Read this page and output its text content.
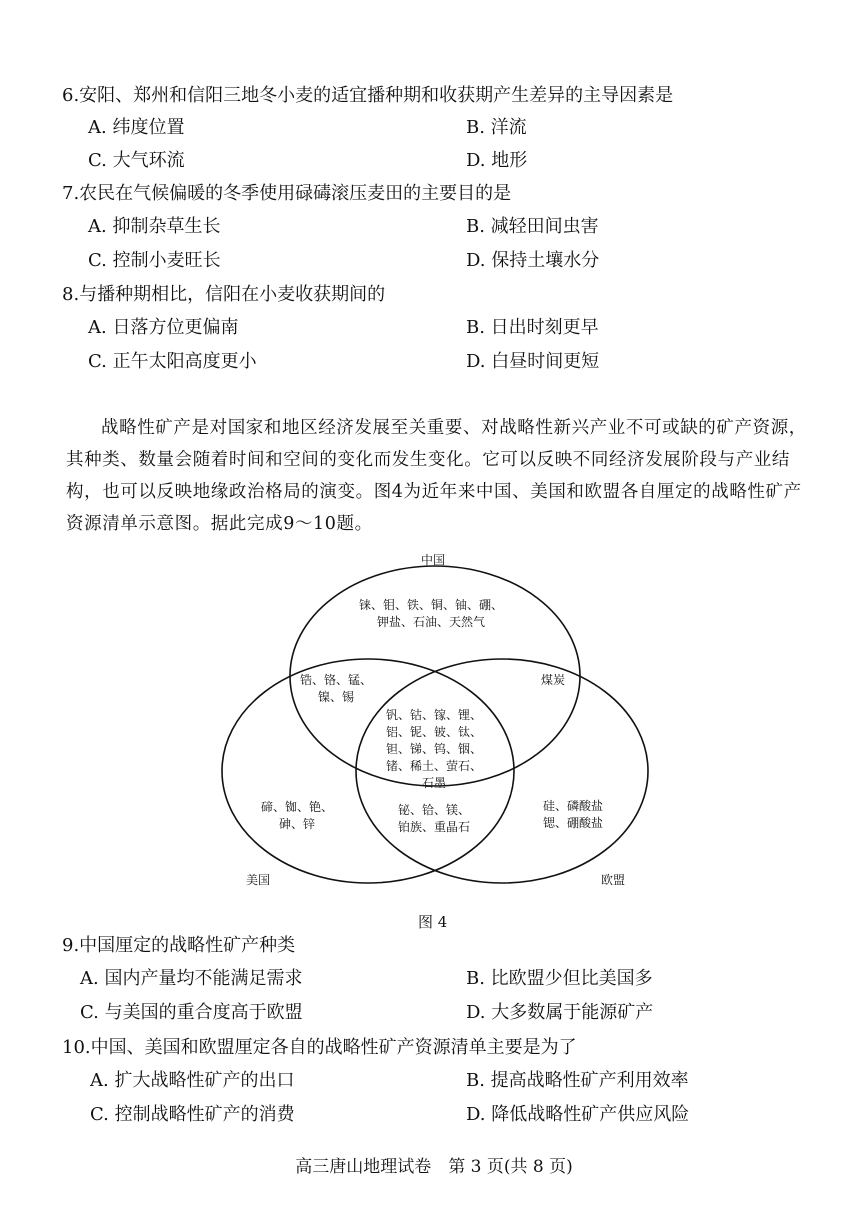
6.安阳、郑州和信阳三地冬小麦的适宜播种期和收获期产生差异的主导因素是
A. 纬度位置	B. 洋流
C. 大气环流	D. 地形
7.农民在气候偏暖的冬季使用碌碡滚压麦田的主要目的是
A. 抑制杂草生长	B. 减轻田间虫害
C. 控制小麦旺长	D. 保持土壤水分
8.与播种期相比，信阳在小麦收获期间的
A. 日落方位更偏南	B. 日出时刻更早
C. 正午太阳高度更小	D. 白昼时间更短

战略性矿产是对国家和地区经济发展至关重要、对战略性新兴产业不可或缺的矿产资源，其种类、数量会随着时间和空间的变化而发生变化。它可以反映不同经济发展阶段与产业结构，也可以反映地缘政治格局的演变。图4为近年来中国、美国和欧盟各自厘定的战略性矿产资源清单示意图。据此完成9～10题。

中国
美国	欧盟
铼、钼、铁、铜、铀、硼、
钾盐、石油、天然气
锆、铬、锰、
镍、锡
煤炭
钒、钴、镓、锂、
铝、铌、铍、钛、
钽、锑、钨、铟、
锗、稀土、萤石、
石墨
碲、铷、铯、
砷、锌
铋、铪、镁、
铂族、重晶石
硅、磷酸盐
锶、硼酸盐
图 4
9.中国厘定的战略性矿产种类
A. 国内产量均不能满足需求	B. 比欧盟少但比美国多
C. 与美国的重合度高于欧盟	D. 大多数属于能源矿产
10.中国、美国和欧盟厘定各自的战略性矿产资源清单主要是为了
A. 扩大战略性矿产的出口	B. 提高战略性矿产利用效率
C. 控制战略性矿产的消费	D. 降低战略性矿产供应风险
高三唐山地理试卷　第 3 页(共 8 页)
